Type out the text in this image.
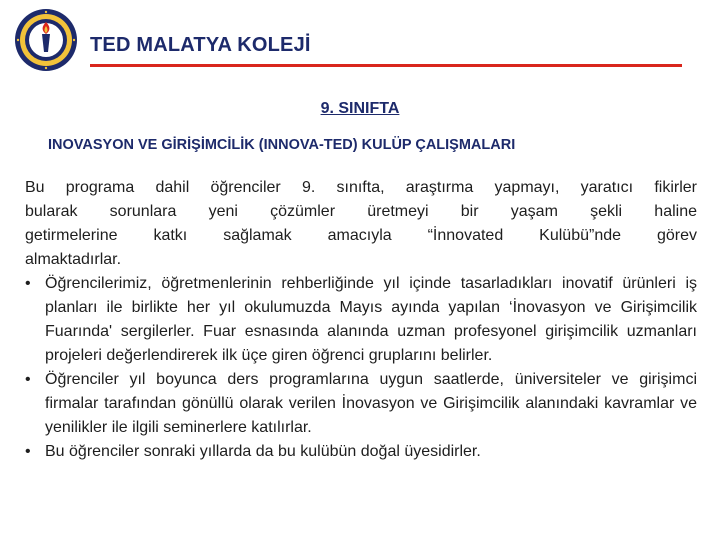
TED MALATYA KOLEJİ
9. SINIFTA
INOVASYON VE GİRİŞİMCİLİK (INNOVA-TED) KULÜP ÇALIŞMALARI

Bu programa dahil öğrenciler 9. sınıfta, araştırma yapmayı, yaratıcı fikirler
bularak sorunlara yeni çözümler üretmeyi bir yaşam şekli haline
getirmelerine katkı sağlamak amacıyla “İnnovated Kulübü”nde görev
almaktadırlar.

• Öğrencilerimiz, öğretmenlerinin rehberliğinde yıl içinde tasarladıkları inovatif ürünleri iş planları ile birlikte her yıl okulumuzda Mayıs ayında yapılan ‘İnovasyon ve Girişimcilik Fuarında' sergilerler. Fuar esnasında alanında uzman profesyonel girişimcilik uzmanları projeleri değerlendirerek ilk üçe giren öğrenci gruplarını belirler.
• Öğrenciler yıl boyunca ders programlarına uygun saatlerde, üniversiteler ve girişimci firmalar tarafından gönüllü olarak verilen İnovasyon ve Girişimcilik alanındaki kavramlar ve yenilikler ile ilgili seminerlere katılırlar.
• Bu öğrenciler sonraki yıllarda da bu kulübün doğal üyesidirler.
